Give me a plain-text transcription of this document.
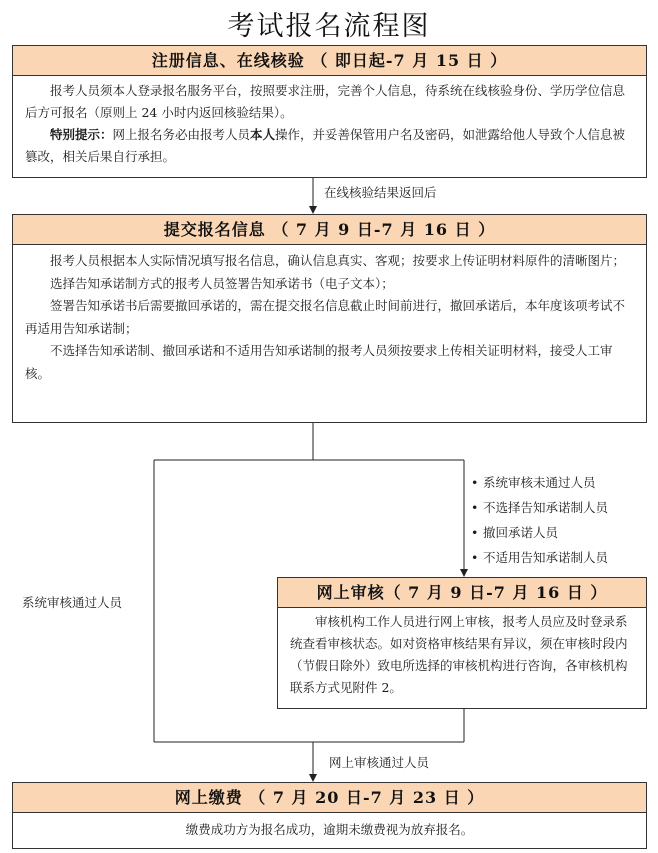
考试报名流程图
注册信息、在线核验 （ 即日起-7 月 15 日 ）

报考人员须本人登录报名服务平台，按照要求注册，完善个人信息，待系统在线核验身份、学历学位信息后方可报名（原则上 24 小时内返回核验结果）。

特别提示：网上报名务必由报考人员本人操作，并妥善保管用户名及密码，如泄露给他人导致个人信息被篡改，相关后果自行承担。

在线核验结果返回后
提交报名信息 （ 7 月 9 日-7 月 16 日 ）

报考人员根据本人实际情况填写报名信息，确认信息真实、客观；按要求上传证明材料原件的清晰图片；

选择告知承诺制方式的报考人员签署告知承诺书（电子文本）；

签署告知承诺书后需要撤回承诺的，需在提交报名信息截止时间前进行，撤回承诺后，本年度该项考试不再适用告知承诺制；

不选择告知承诺制、撤回承诺和不适用告知承诺制的报考人员须按要求上传相关证明材料，接受人工审核。

系统审核通过人员
• 系统审核未通过人员
• 不选择告知承诺制人员
• 撤回承诺人员
• 不适用告知承诺制人员
网上审核（ 7 月 9 日-7 月 16 日 ）

审核机构工作人员进行网上审核，报考人员应及时登录系统查看审核状态。如对资格审核结果有异议，须在审核时段内（节假日除外）致电所选择的审核机构进行咨询，各审核机构联系方式见附件 2。

网上审核通过人员
网上缴费 （ 7 月 20 日-7 月 23 日 ）

缴费成功方为报名成功，逾期未缴费视为放弃报名。
